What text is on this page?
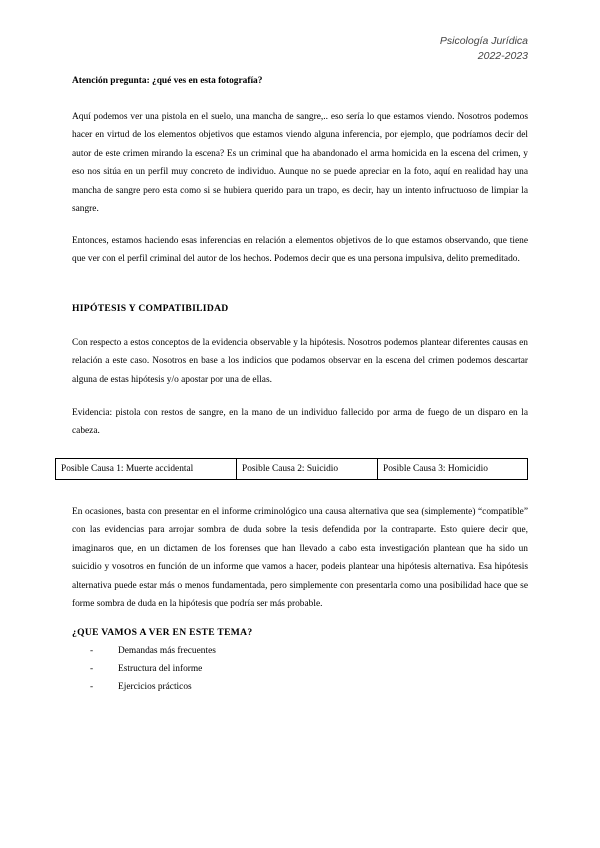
Psicología Jurídica
2022-2023

Atención pregunta: ¿qué ves en esta fotografía?

Aquí podemos ver una pistola en el suelo, una mancha de sangre,.. eso sería lo que estamos viendo. Nosotros podemos hacer en virtud de los elementos objetivos que estamos viendo alguna inferencia, por ejemplo, que podríamos decir del autor de este crimen mirando la escena? Es un criminal que ha abandonado el arma homicida en la escena del crimen, y eso nos sitúa en un perfil muy concreto de individuo. Aunque no se puede apreciar en la foto, aquí en realidad hay una mancha de sangre pero esta como si se hubiera querido para un trapo, es decir, hay un intento infructuoso de limpiar la sangre.

Entonces, estamos haciendo esas inferencias en relación a elementos objetivos de lo que estamos observando, que tiene que ver con el perfil criminal del autor de los hechos. Podemos decir que es una persona impulsiva, delito premeditado.

HIPÓTESIS Y COMPATIBILIDAD

Con respecto a estos conceptos de la evidencia observable y la hipótesis. Nosotros podemos plantear diferentes causas en relación a este caso. Nosotros en base a los indicios que podamos observar en la escena del crimen podemos descartar alguna de estas hipótesis y/o apostar por una de ellas.

Evidencia: pistola con restos de sangre, en la mano de un individuo fallecido por arma de fuego de un disparo en la cabeza.

Posible Causa 1: Muerte accidental	Posible Causa 2: Suicidio	Posible Causa 3: Homicidio

En ocasiones, basta con presentar en el informe criminológico una causa alternativa que sea (simplemente) “compatible” con las evidencias para arrojar sombra de duda sobre la tesis defendida por la contraparte. Esto quiere decir que, imaginaros que, en un dictamen de los forenses que han llevado a cabo esta investigación plantean que ha sido un suicidio y vosotros en función de un informe que vamos a hacer, podeis plantear una hipótesis alternativa. Esa hipótesis alternativa puede estar más o menos fundamentada, pero simplemente con presentarla como una posibilidad hace que se forme sombra de duda en la hipótesis que podría ser más probable.

¿QUE VAMOS A VER EN ESTE TEMA?

-	Demandas más frecuentes
-	Estructura del informe
-	Ejercicios prácticos
